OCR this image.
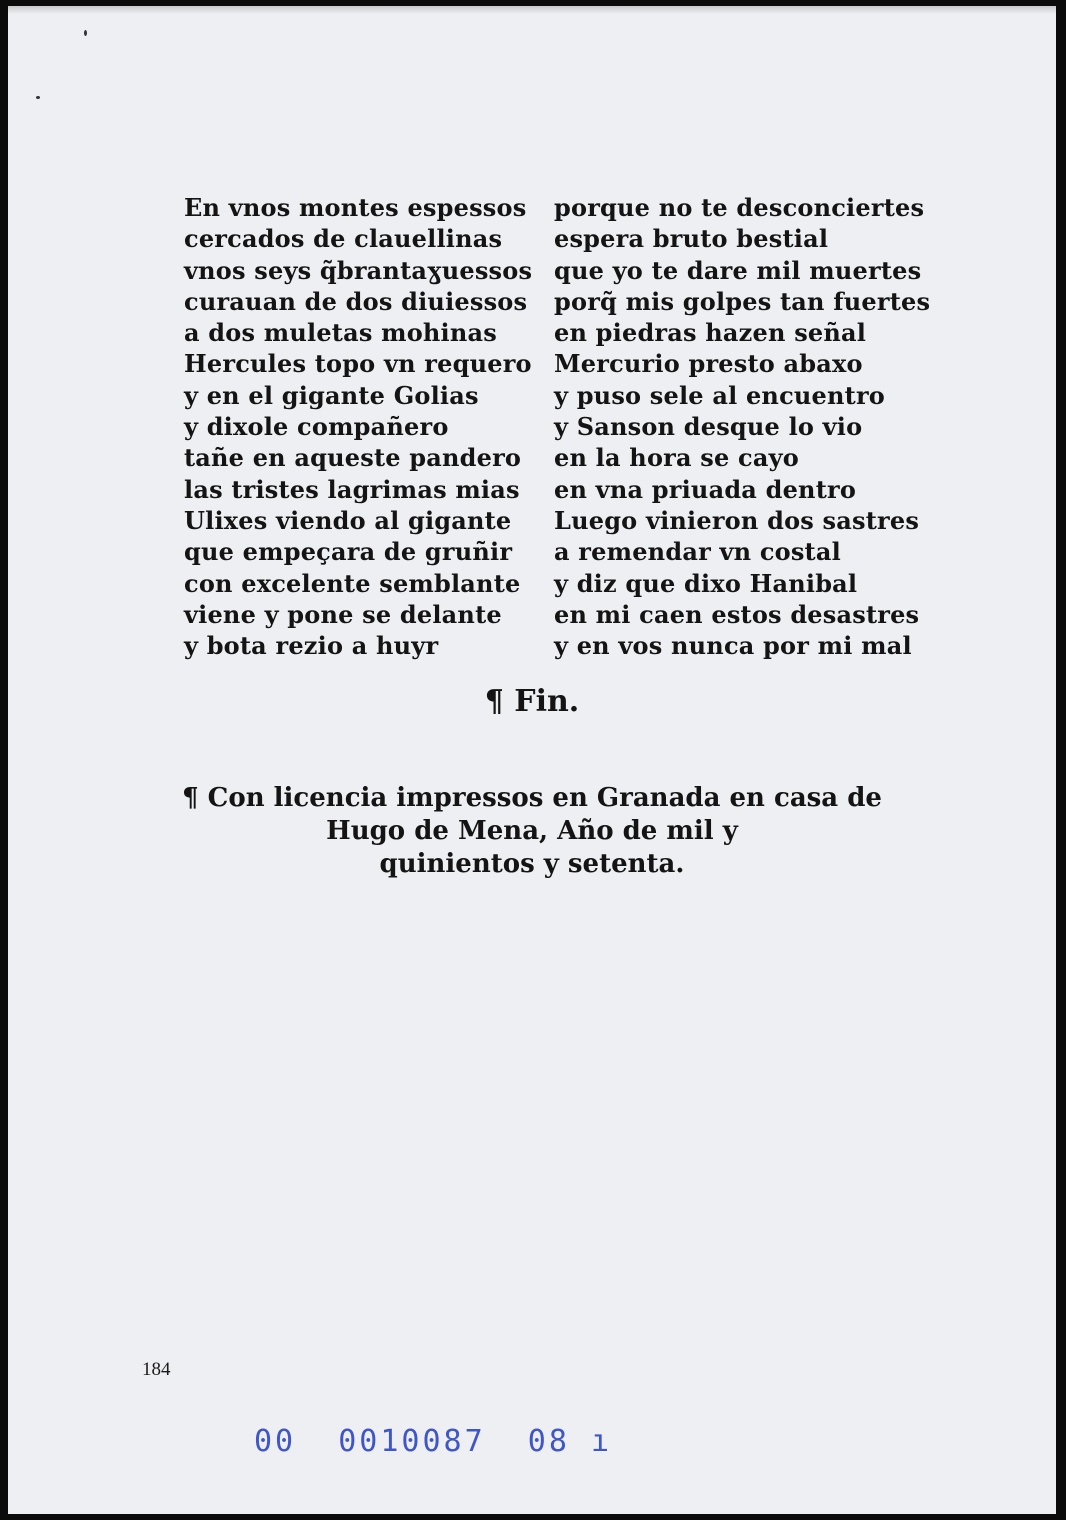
En vnos montes espessos
cercados de clauellinas
vnos seys q̃brantaɣuessos
curauan de dos diuiessos
a dos muletas mohinas
Hercules topo vn requero
y en el gigante Golias
y dixole compañero
tañe en aqueste pandero
las tristes lagrimas mias
Ulixes viendo al gigante
que empeçara de gruñir
con excelente semblante
viene y pone se delante
y bota rezio a huyr
porque no te desconciertes
espera bruto bestial
que yo te dare mil muertes
porq̃ mis golpes tan fuertes
en piedras hazen señal
Mercurio presto abaxo
y puso sele al encuentro
y Sanson desque lo vio
en la hora se cayo
en vna priuada dentro
Luego vinieron dos sastres
a remendar vn costal
y diz que dixo Hanibal
en mi caen estos desastres
y en vos nunca por mi mal
¶ Fin.
¶ Con licencia impressos en Granada en casa de
Hugo de Mena, Año de mil y
quinientos y setenta.
184
00  0010087  08 ı
